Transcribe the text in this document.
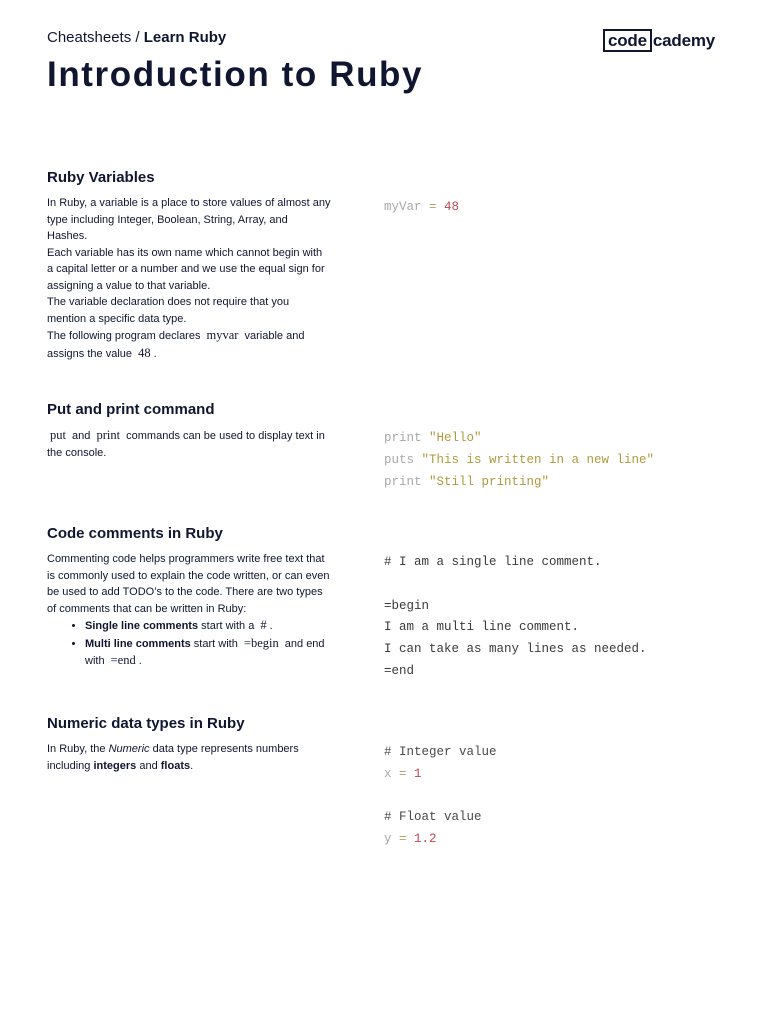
Cheatsheets / Learn Ruby	code cademy
Introduction to Ruby
Ruby Variables

In Ruby, a variable is a place to store values of almost any type including Integer, Boolean, String, Array, and Hashes.

Each variable has its own name which cannot begin with a capital letter or a number and we use the equal sign for assigning a value to that variable.

The variable declaration does not require that you mention a specific data type.

The following program declares myvar variable and assigns the value 48 .

myVar = 48
Put and print command

put and print commands can be used to display text in the console.

print "Hello"
puts "This is written in a new line"
print "Still printing"
Code comments in Ruby

Commenting code helps programmers write free text that is commonly used to explain the code written, or can even be used to add TODO’s to the code. There are two types of comments that can be written in Ruby:

• Single line comments start with a # .
• Multi line comments start with =begin and end with =end .
# I am a single line comment.
=begin
I am a multi line comment.
I can take as many lines as needed.
=end
Numeric data types in Ruby

In Ruby, the Numeric data type represents numbers including integers and floats.

# Integer value
x = 1
# Float value
y = 1.2
